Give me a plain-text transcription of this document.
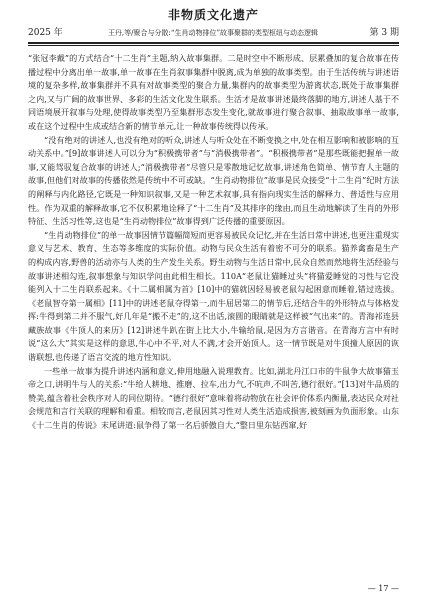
非物质文化遗产
2025 年	王丹,等/聚合与分散:“生肖动物排位”故事聚群的类型枢纽与动态逻辑	第 3 期

“张冠李戴”的方式结合“十二生肖”主题,纳入故事集群。二是时空中不断形成、层累叠加的复合故事在传播过程中分离出单一故事,单一故事在生肖叙事集群中脱离,成为单独的故事类型。由于生活传统与讲述语境的复杂多样,故事集群并不具有对故事类型的聚合力量,集群内的故事类型为游离状态,既处于故事集群之内,又与广阔的故事世界、多彩的生活文化发生联系。生活才是故事讲述最终落脚的地方,讲述人基于不同语境展开叙事与处理,使得故事类型乃至集群形态发生变化,就故事进行聚合叙事、抽取故事单一故事,或在这个过程中生成或结合新的情节单元,让一种故事传统得以传承。

“没有绝对的讲述人,也没有绝对的听众,讲述人与听众处在不断变换之中,处在相互影响和被影响的互动关系中。”[9]故事讲述人可以分为“积极携带者”与“消极携带者”。“积极携带者”是那些既能把握单一故事,又能驾驭复合故事的讲述人;“消极携带者”尽管只是零散地记忆故事,讲述角色简单、情节育人主题的故事,但他们对故事的传播依然是传统中不可或缺。“生肖动物排位”故事是民众接受“十二生肖”纪时方法的阐释与内化路径,它既是一种知识叙事,又是一种艺术叙事,具有指向现实生活的解释力、普适性与应用性。作为双重的解释故事,它不仅积累地诠释了“十二生肖”及其排序的缘由,而且生动地解读了生肖的外形特征、生活习性等,这也是“生肖动物排位”故事得到广泛传播的重要原因。

“生肖动物排位”的单一故事因情节篇幅简短而更容易被民众记忆,并在生活日常中讲述,也更注重现实意义与艺术、教育、生态等多维度的实际价值。动物与民众生活有着密不可分的联系。猫养禽畜是生产的构成内容,野兽的活动亦与人类的生产发生关系。野生动物与生活日常中,民众自然而然地将生活经验与故事讲述相勾连,叙事想象与知识学问由此相生相长。110A“老鼠让猫睡过头”将猫爱睡觉的习性与它没能列入十二生肖联系起来。《十二属相属为首》[10]中的猫就因轻易被老鼠勾起困意而睡着,错过选拔。《老鼠智夺第一属相》[11]中的讲述老鼠夺得第一,而牛屈居第二的情节后,还结合牛的外形特点与体格发挥:牛得到第二并不服气,好几年是“搬不走”的,这不出话,滚圆的眼睛就是这样被“气出来”的。青海祁连县藏族故事《牛顶人的来历》[12]讲述牛趴在街上比大小,牛输给鼠,是因为方言谐音。在青海方言中有时说“这么大”其实是这样的意思,牛心中不平,对人不满,才会开始顶人。这一情节既是对牛顶撞人原因的诙谐联想,也传递了语言交流的地方性知识。

一些单一故事为提升讲述内涵和意义,伸用地融入说理教育。比如,湖北丹江口市的牛鼠争大故事猫玉帝之口,讲明牛与人的关系:“牛给人耕地、推磨、拉车,出力气,不吭声,不叫苦,德行很好。”[13]对牛品质的赞美,蕴含着社会秩序对人的同位期待。“德行很好”意味着将动物放在社会评价体系内衡量,表达民众对社会规范和言行关联的理解和看重。相较而言,老鼠因其习性对人类生活造成损害,被刻画为负面形象。山东《十二生肖的传说》末尾讲道:鼠争得了第一名后骄傲自大,“整日里东钻西窜,好

— 17 —
